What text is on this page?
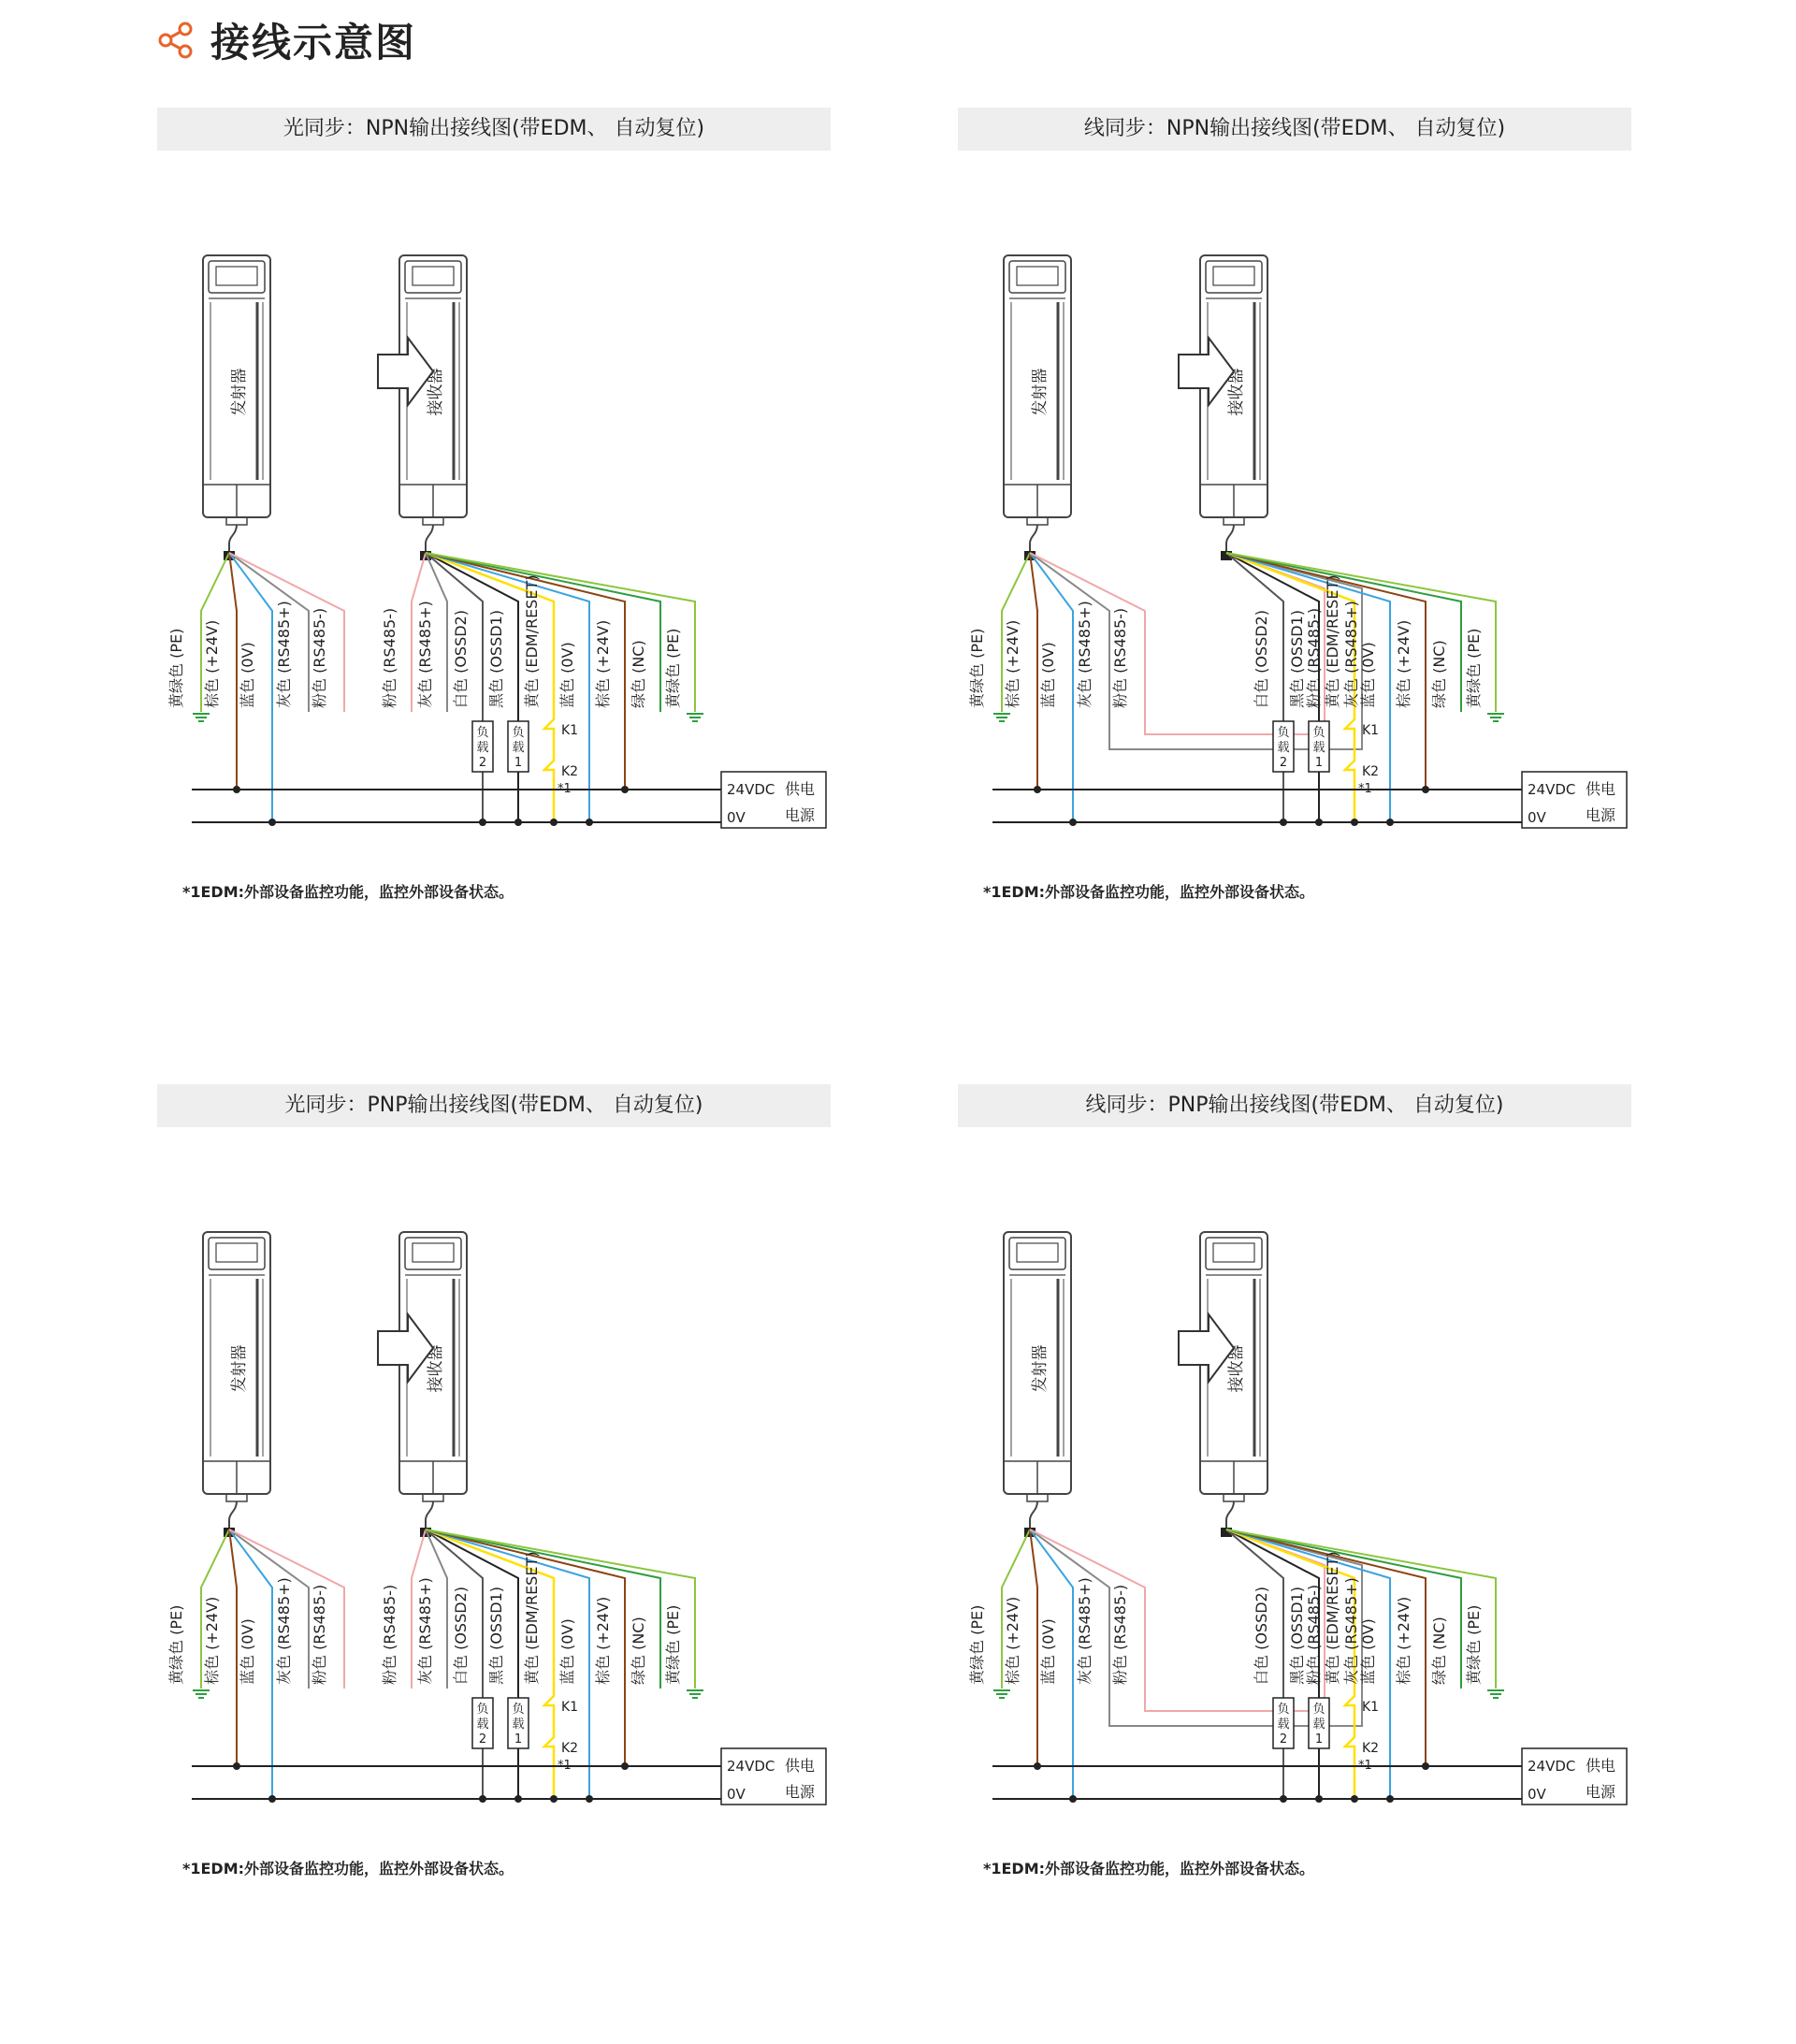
接线示意图
光同步：NPN输出接线图(带EDM、 自动复位)
发射器	接收器
黄绿色 (PE) 棕色 (+24V) 蓝色 (0V) 灰色 (RS485+) 粉色 (RS485-)	粉色 (RS485-) 灰色 (RS485+) 白色 (OSSD2) 黑色 (OSSD1) 黄色 (EDM/RESET) 蓝色 (0V) 棕色 (+24V) 绿色 (NC) 黄绿色 (PE)
负
载
2
负
载
1
K1
K2
*1	24VDC
0V
供电
电源
*1EDM:外部设备监控功能，监控外部设备状态。
线同步：NPN输出接线图(带EDM、 自动复位)
发射器	接收器
黄绿色 (PE) 棕色 (+24V) 蓝色 (0V) 灰色 (RS485+) 粉色 (RS485-)	粉色 (RS485-) 灰色 (RS485+)
白色 (OSSD2) 黑色 (OSSD1) 黄色 (EDM/RESET) 蓝色 (0V) 棕色 (+24V) 绿色 (NC) 黄绿色 (PE)
负
载
2
负
载
1
K1
K2
*1	24VDC
0V
供电
电源
*1EDM:外部设备监控功能，监控外部设备状态。
光同步：PNP输出接线图(带EDM、 自动复位)
发射器	接收器
黄绿色 (PE) 棕色 (+24V) 蓝色 (0V) 灰色 (RS485+) 粉色 (RS485-)	粉色 (RS485-) 灰色 (RS485+) 白色 (OSSD2) 黑色 (OSSD1) 黄色 (EDM/RESET) 蓝色 (0V) 棕色 (+24V) 绿色 (NC) 黄绿色 (PE)
负
载
2
负
载
1
K1
K2
*1	24VDC
0V
供电
电源
*1EDM:外部设备监控功能，监控外部设备状态。
线同步：PNP输出接线图(带EDM、 自动复位)
发射器	接收器
黄绿色 (PE) 棕色 (+24V) 蓝色 (0V) 灰色 (RS485+) 粉色 (RS485-)	粉色 (RS485-) 灰色 (RS485+)
白色 (OSSD2) 黑色 (OSSD1) 黄色 (EDM/RESET) 蓝色 (0V) 棕色 (+24V) 绿色 (NC) 黄绿色 (PE)
负
载
2
负
载
1
K1
K2
*1	24VDC
0V
供电
电源
*1EDM:外部设备监控功能，监控外部设备状态。
